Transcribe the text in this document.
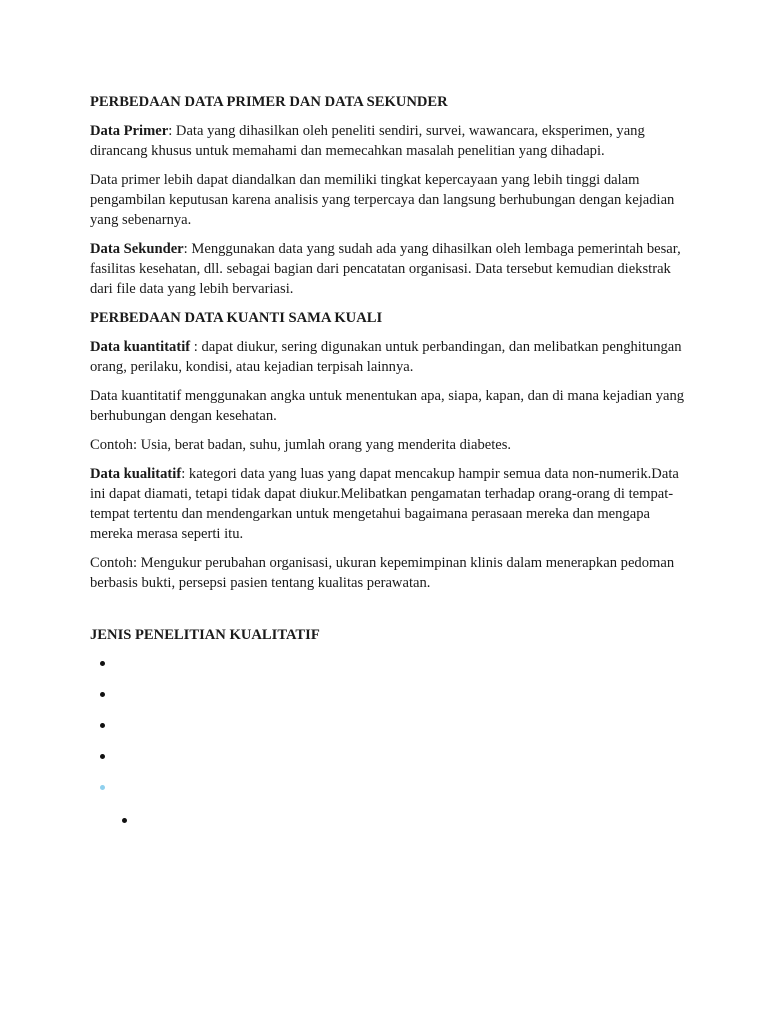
PERBEDAAN DATA PRIMER DAN DATA SEKUNDER

Data Primer: Data yang dihasilkan oleh peneliti sendiri, survei, wawancara, eksperimen, yang dirancang khusus untuk memahami dan memecahkan masalah penelitian yang dihadapi.

Data primer lebih dapat diandalkan dan memiliki tingkat kepercayaan yang lebih tinggi dalam pengambilan keputusan karena analisis yang terpercaya dan langsung berhubungan dengan kejadian yang sebenarnya.

Data Sekunder: Menggunakan data yang sudah ada yang dihasilkan oleh lembaga pemerintah besar, fasilitas kesehatan, dll. sebagai bagian dari pencatatan organisasi. Data tersebut kemudian diekstrak dari file data yang lebih bervariasi.

PERBEDAAN DATA KUANTI SAMA KUALI

Data kuantitatif : dapat diukur, sering digunakan untuk perbandingan, dan melibatkan penghitungan orang, perilaku, kondisi, atau kejadian terpisah lainnya.

Data kuantitatif menggunakan angka untuk menentukan apa, siapa, kapan, dan di mana kejadian yang berhubungan dengan kesehatan.

Contoh: Usia, berat badan, suhu, jumlah orang yang menderita diabetes.

Data kualitatif: kategori data yang luas yang dapat mencakup hampir semua data non-numerik.Data ini dapat diamati, tetapi tidak dapat diukur.Melibatkan pengamatan terhadap orang-orang di tempat-tempat tertentu dan mendengarkan untuk mengetahui bagaimana perasaan mereka dan mengapa mereka merasa seperti itu.

Contoh: Mengukur perubahan organisasi, ukuran kepemimpinan klinis dalam menerapkan pedoman berbasis bukti, persepsi pasien tentang kualitas perawatan.

JENIS PENELITIAN KUALITATIF
